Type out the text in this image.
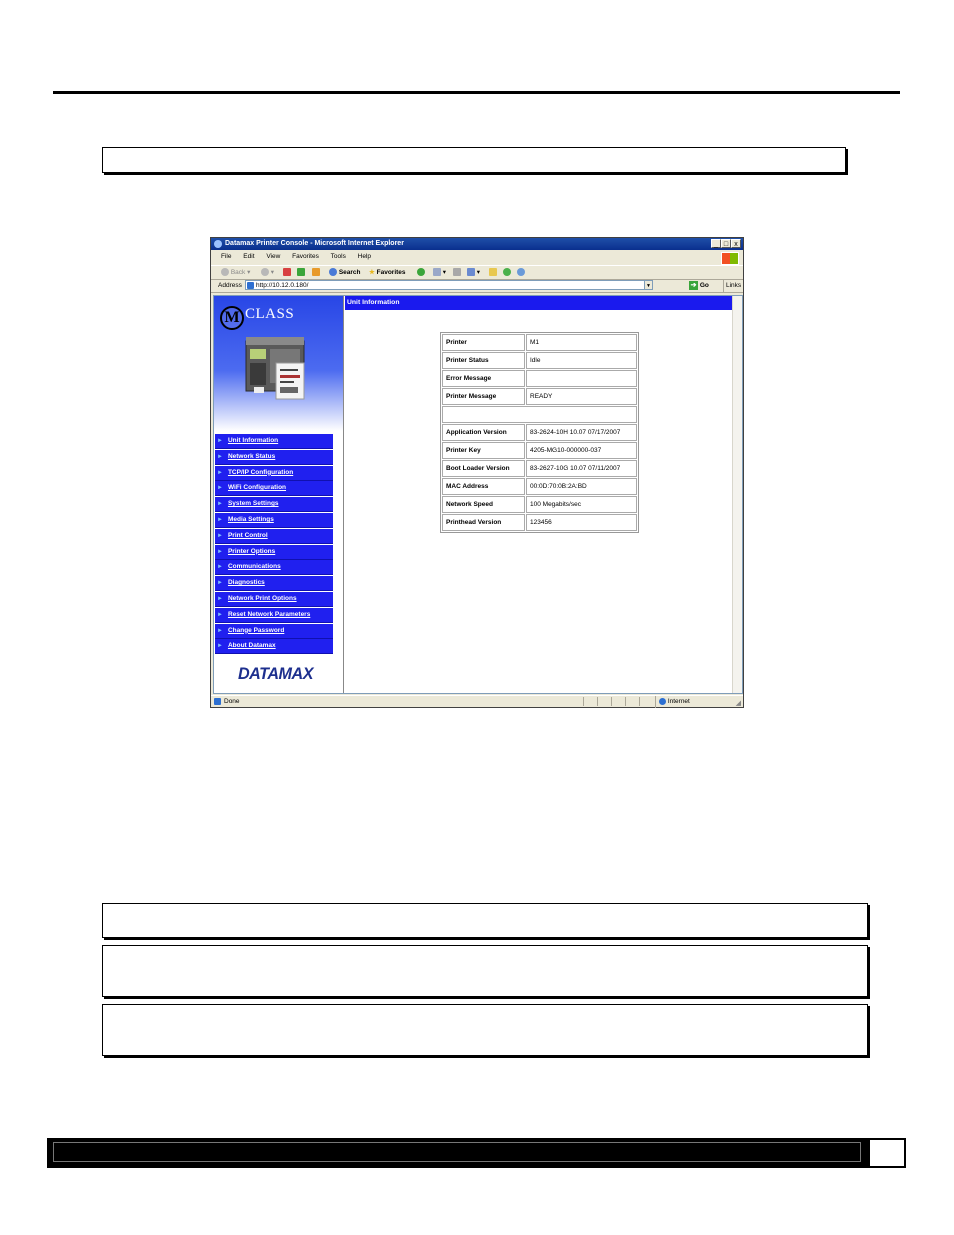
Datamax Printer Console - Microsoft Internet Explorer	_ □ x
File Edit View Favorites Tools Help
Back ▾	▾	Search ★ Favorites	▾	▾
Address	http://10.12.0.180/	▼	➔ Go	Links
M CLASS
► Unit Information
► Network Status
► TCP/IP Configuration
► WiFi Configuration
► System Settings
► Media Settings
► Print Control
► Printer Options
► Communications
► Diagnostics
► Network Print Options
► Reset Network Parameters
► Change Password
► About Datamax
DATAMAX
Unit Information
Printer	M1
Printer Status	Idle
Error Message	
Printer Message	READY

Application Version	83-2624-10H 10.07 07/17/2007
Printer Key	4205-MG10-000000-037
Boot Loader Version	83-2627-10G 10.07 07/11/2007
MAC Address	00:0D:70:0B:2A:BD
Network Speed	100 Megabits/sec
Printhead Version	123456
Done	Internet	◢
